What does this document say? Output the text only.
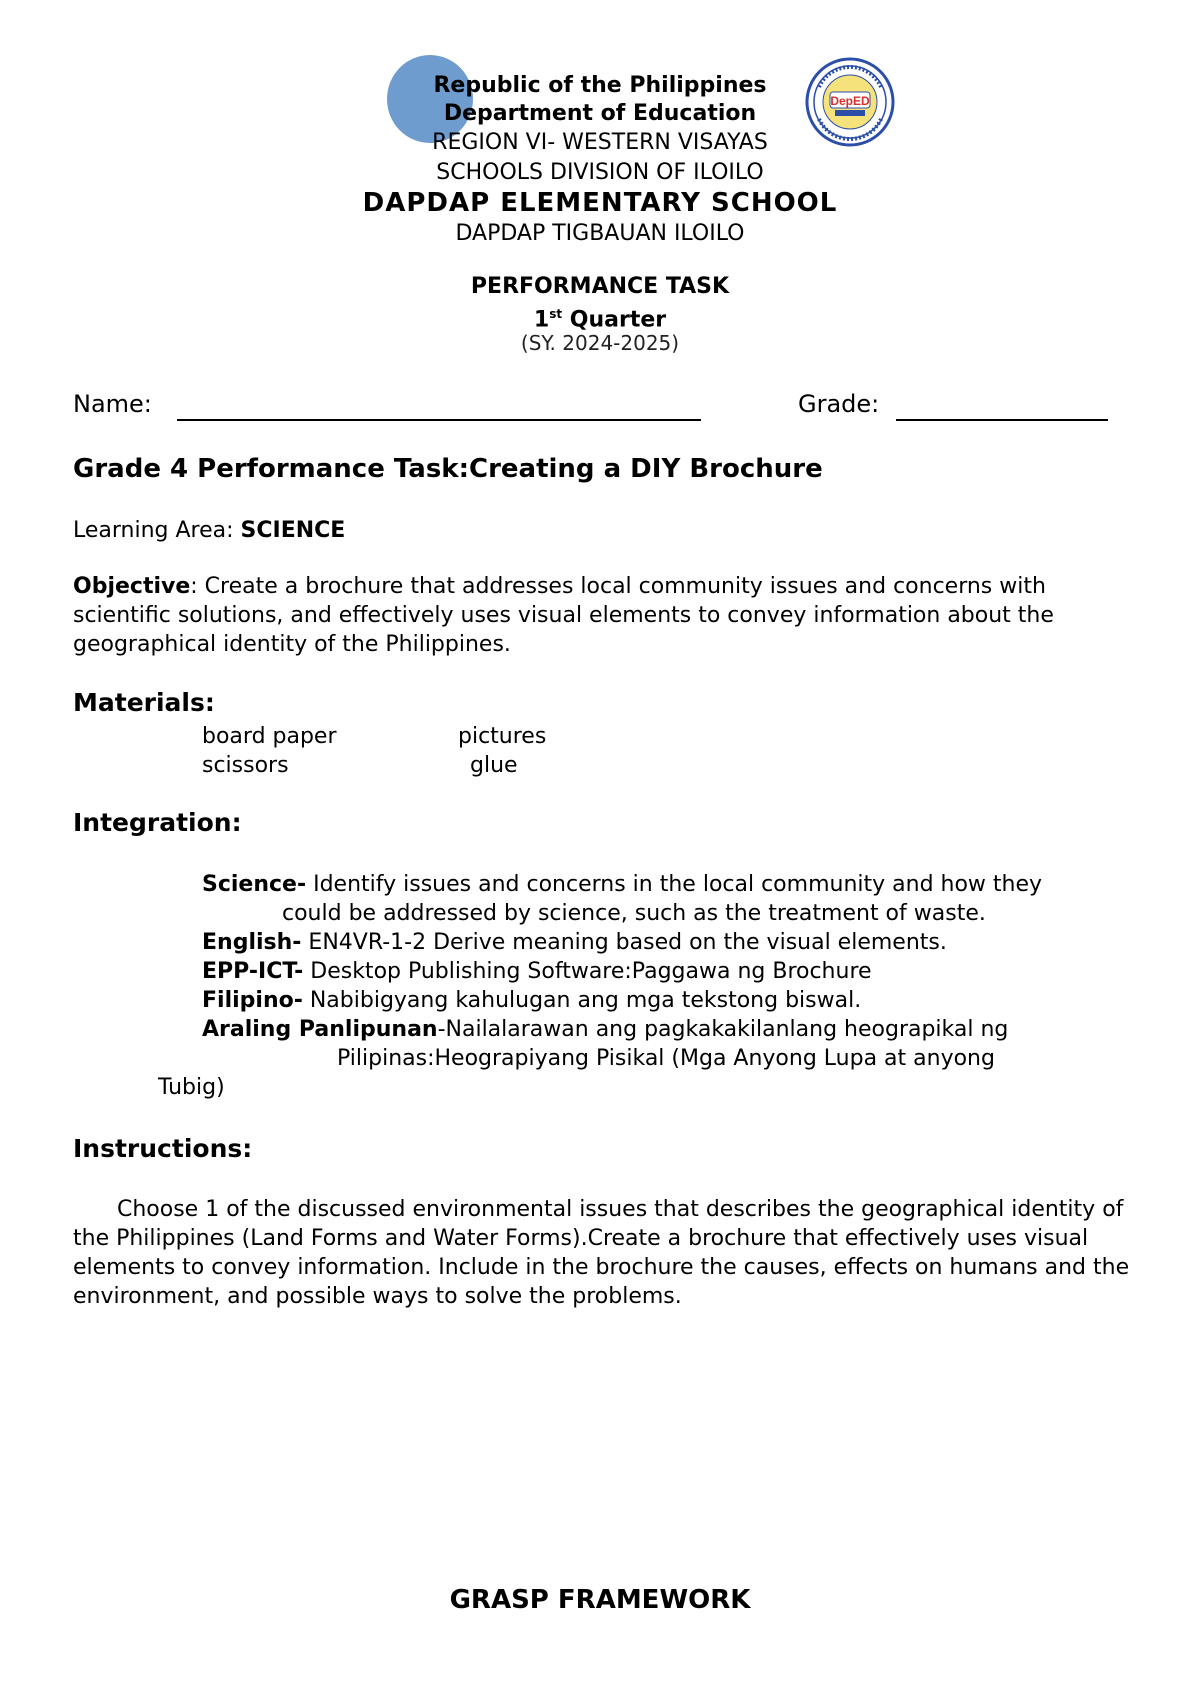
DepED
Republic of the Philippines
Department of Education
REGION VI- WESTERN VISAYAS
SCHOOLS DIVISION OF ILOILO
DAPDAP ELEMENTARY SCHOOL
DAPDAP TIGBAUAN ILOILO
PERFORMANCE TASK
1st Quarter
(SY. 2024-2025)
Name:	Grade:
Grade 4 Performance Task:Creating a DIY Brochure
Learning Area: SCIENCE
Objective: Create a brochure that addresses local community issues and concerns with scientific solutions, and effectively uses visual elements to convey information about the geographical identity of the Philippines.
Materials:
board paper	pictures
scissors	glue
Integration:
Science- Identify issues and concerns in the local community and how they
could be addressed by science, such as the treatment of waste.
English- EN4VR-1-2 Derive meaning based on the visual elements.
EPP-ICT- Desktop Publishing Software:Paggawa ng Brochure
Filipino- Nabibigyang kahulugan ang mga tekstong biswal.
Araling Panlipunan-Nailalarawan ang pagkakakilanlang heograpikal ng
Pilipinas:Heograpiyang Pisikal (Mga Anyong Lupa at anyong
Tubig)
Instructions:
Choose 1 of the discussed environmental issues that describes the geographical identity of the Philippines (Land Forms and Water Forms).Create a brochure that effectively uses visual elements to convey information. Include in the brochure the causes, effects on humans and the environment, and possible ways to solve the problems.
GRASP FRAMEWORK
